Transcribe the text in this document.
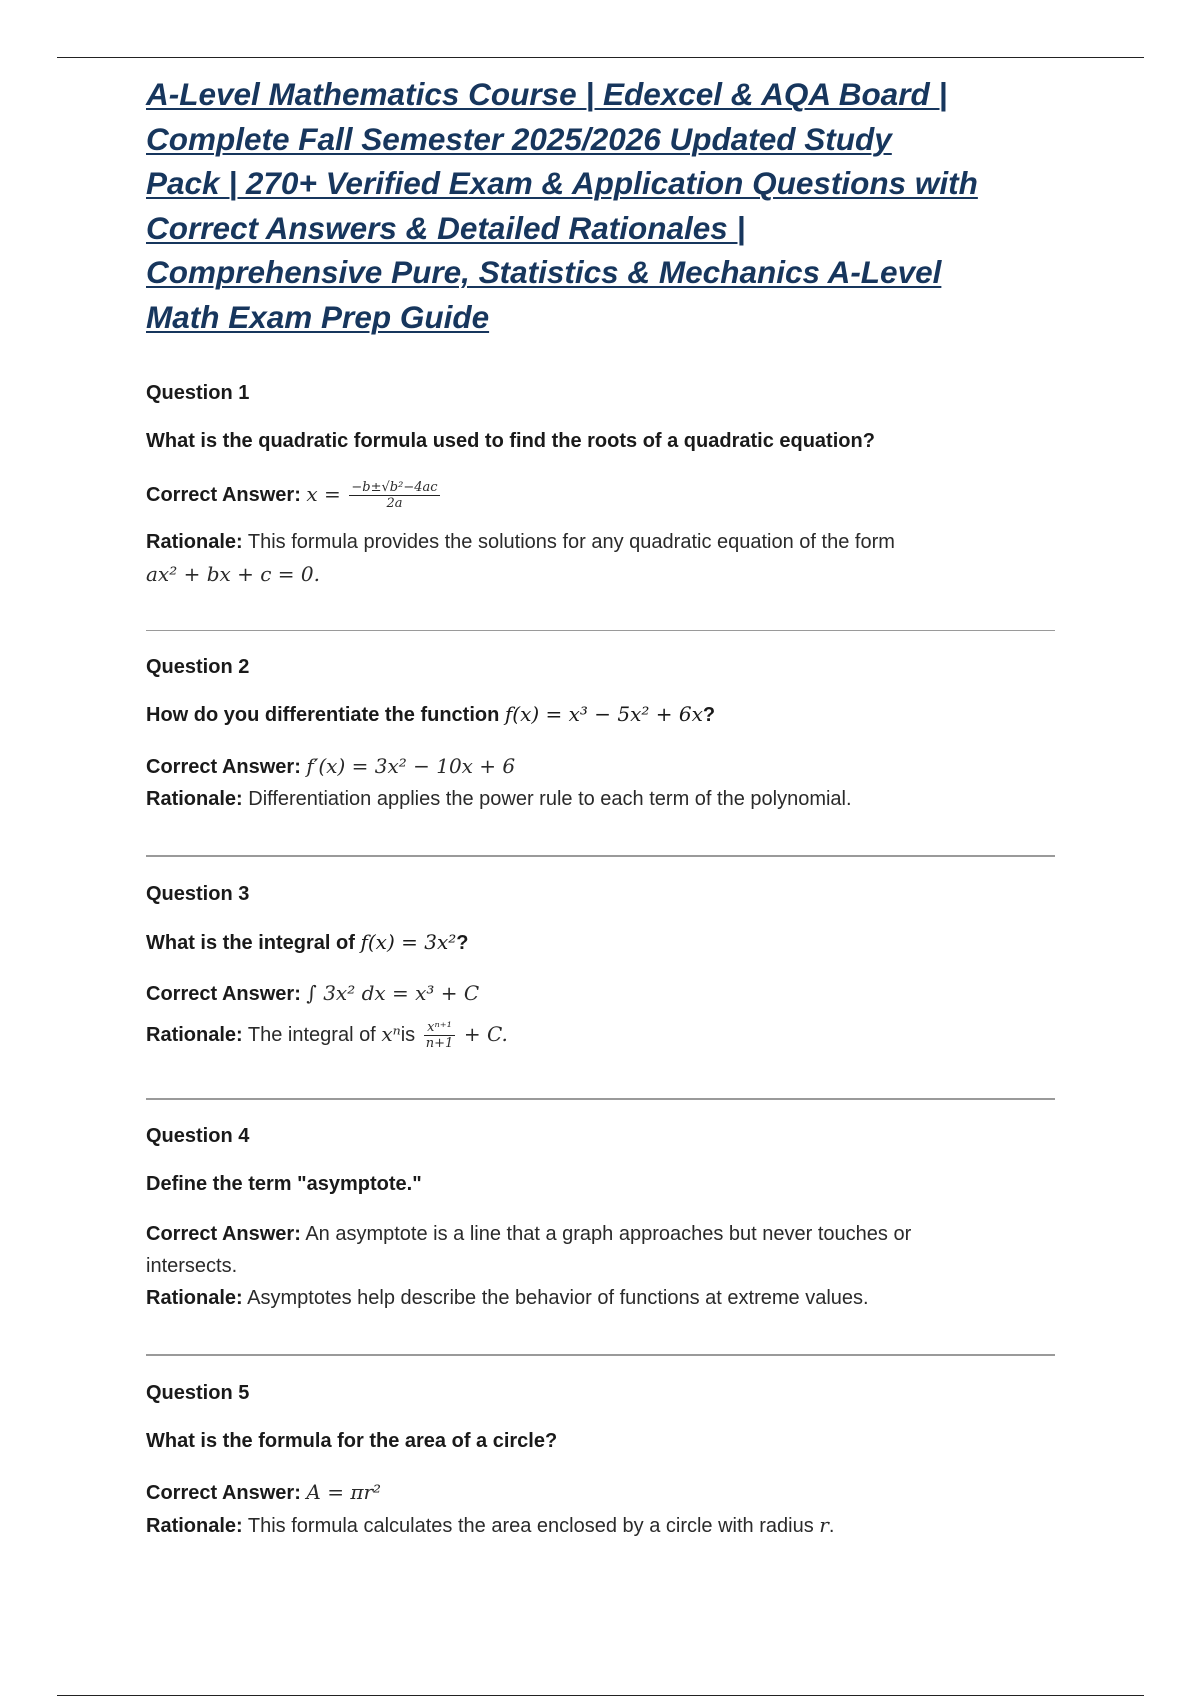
A-Level Mathematics Course | Edexcel & AQA Board |
Complete Fall Semester 2025/2026 Updated Study
Pack | 270+ Verified Exam & Application Questions with
Correct Answers & Detailed Rationales |
Comprehensive Pure, Statistics & Mechanics A-Level
Math Exam Prep Guide

Question 1

What is the quadratic formula used to find the roots of a quadratic equation?

Correct Answer: $x = \frac{\text{−b±√b²−4ac}}{2a}$

Rationale: This formula provides the solutions for any quadratic equation of the form

ax² + bx + c = 0.

Question 2

How do you differentiate the function f(x) = x³ − 5x² + 6x?

Correct Answer: f′(x) = 3x² − 10x + 6

Rationale: Differentiation applies the power rule to each term of the polynomial.

Question 3

What is the integral of f(x) = 3x²?

Correct Answer: ∫ 3x² dx = x³ + C

Rationale: The integral of xⁿis $\frac{\text{xⁿ⁺¹}}{n+1} + C$.

Question 4

Define the term "asymptote."

Correct Answer: An asymptote is a line that a graph approaches but never touches or

intersects.

Rationale: Asymptotes help describe the behavior of functions at extreme values.

Question 5

What is the formula for the area of a circle?

Correct Answer: A = πr²

Rationale: This formula calculates the area enclosed by a circle with radius r.
